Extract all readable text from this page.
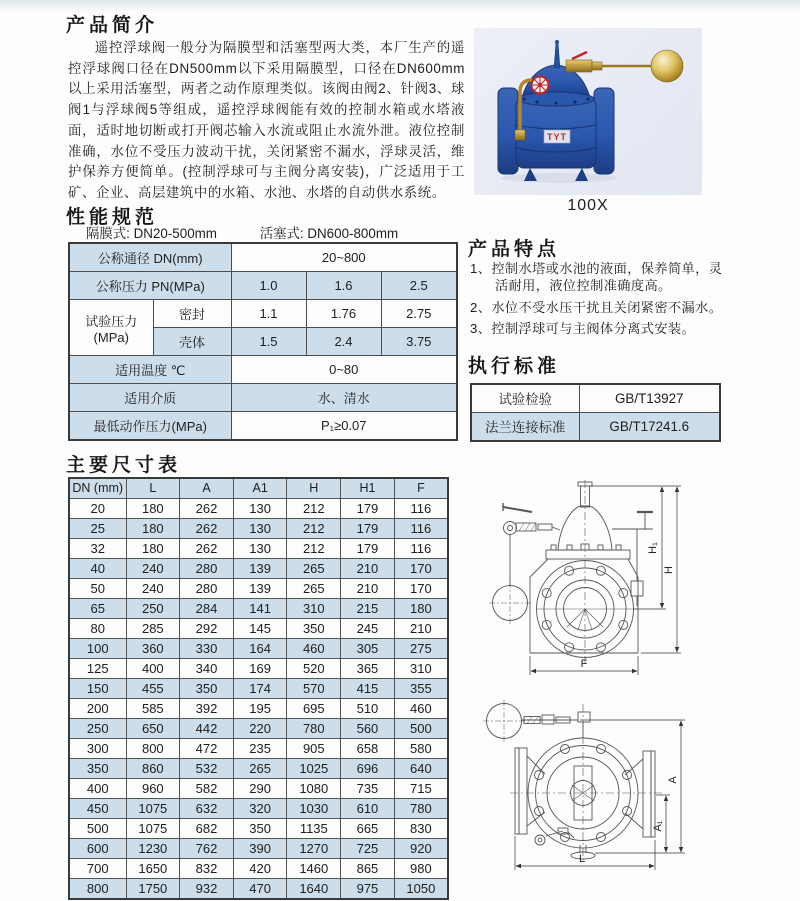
产品简介

遥控浮球阀一般分为隔膜型和活塞型两大类，本厂生产的遥控浮球阀口径在DN500mm以下采用隔膜型，口径在DN600mm以上采用活塞型，两者之动作原理类似。该阀由阀2、针阀3、球阀1与浮球阀5等组成，遥控浮球阀能有效的控制水箱或水塔液面，适时地切断或打开阀芯输入水流或阻止水流外泄。液位控制准确，水位不受压力波动干扰，关闭紧密不漏水，浮球灵活，维护保养方便简单。(控制浮球可与主阀分离安装)，广泛适用于工矿、企业、高层建筑中的水箱、水池、水塔的自动供水系统。

TYT
100X
性能规范
隔膜式: DN20-500mm	活塞式: DN600-800mm
公称通径 DN(mm)		20~800		
公称压力 PN(MPa)		1.0	1.6	2.5
试验压力 (MPa)	密封	1.1	1.76	2.75
	壳体	1.5	2.4	3.75
适用温度 ℃		0~80		
适用介质		水、清水		
最低动作压力(MPa)		P₁≥0.07		
产品特点
1、控制水塔或水池的液面，保养简单，灵活耐用，液位控制准确度高。
2、水位不受水压干扰且关闭紧密不漏水。
3、控制浮球可与主阀体分离式安装。
执行标准
试验检验	GB/T13927
法兰连接标准	GB/T17241.6
主要尺寸表
DN (mm)	L	A	A1	H	H1	F
20	180	262	130	212	179	116
25	180	262	130	212	179	116
32	180	262	130	212	179	116
40	240	280	139	265	210	170
50	240	280	139	265	210	170
65	250	284	141	310	215	180
80	285	292	145	350	245	210
100	360	330	164	460	305	275
125	400	340	169	520	365	310
150	455	350	174	570	415	355
200	585	392	195	695	510	460
250	650	442	220	780	560	500
300	800	472	235	905	658	580
350	860	532	265	1025	696	640
400	960	582	290	1080	735	715
450	1075	632	320	1030	610	780
500	1075	682	350	1135	665	830
600	1230	762	390	1270	725	920
700	1650	832	420	1460	865	980
800	1750	932	470	1640	975	1050
H₁
H
F
A
A₁
L
